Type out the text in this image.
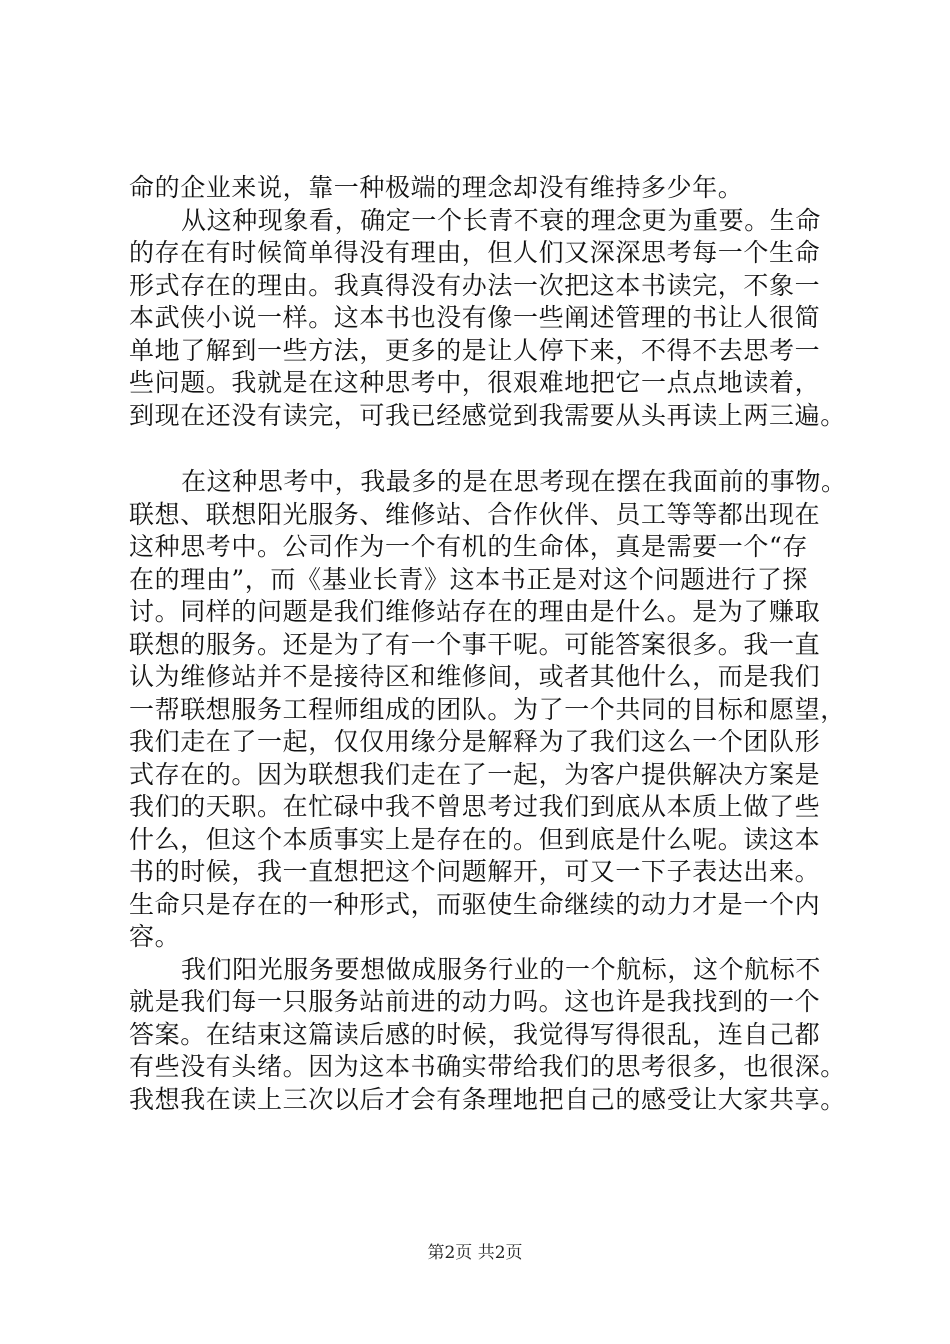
命的企业来说，靠一种极端的理念却没有维持多少年。
从这种现象看，确定一个长青不衰的理念更为重要。生命
的存在有时候简单得没有理由，但人们又深深思考每一个生命
形式存在的理由。我真得没有办法一次把这本书读完，不象一
本武侠小说一样。这本书也没有像一些阐述管理的书让人很简
单地了解到一些方法，更多的是让人停下来，不得不去思考一
些问题。我就是在这种思考中，很艰难地把它一点点地读着，
到现在还没有读完，可我已经感觉到我需要从头再读上两三遍。
在这种思考中，我最多的是在思考现在摆在我面前的事物。
联想、联想阳光服务、维修站、合作伙伴、员工等等都出现在
这种思考中。公司作为一个有机的生命体，真是需要一个“存
在的理由”，而《基业长青》这本书正是对这个问题进行了探
讨。同样的问题是我们维修站存在的理由是什么。是为了赚取
联想的服务。还是为了有一个事干呢。可能答案很多。我一直
认为维修站并不是接待区和维修间，或者其他什么，而是我们
一帮联想服务工程师组成的团队。为了一个共同的目标和愿望，
我们走在了一起，仅仅用缘分是解释为了我们这么一个团队形
式存在的。因为联想我们走在了一起，为客户提供解决方案是
我们的天职。在忙碌中我不曾思考过我们到底从本质上做了些
什么，但这个本质事实上是存在的。但到底是什么呢。读这本
书的时候，我一直想把这个问题解开，可又一下子表达出来。
生命只是存在的一种形式，而驱使生命继续的动力才是一个内
容。
我们阳光服务要想做成服务行业的一个航标，这个航标不
就是我们每一只服务站前进的动力吗。这也许是我找到的一个
答案。在结束这篇读后感的时候，我觉得写得很乱，连自己都
有些没有头绪。因为这本书确实带给我们的思考很多，也很深。
我想我在读上三次以后才会有条理地把自己的感受让大家共享。
第2页 共2页
